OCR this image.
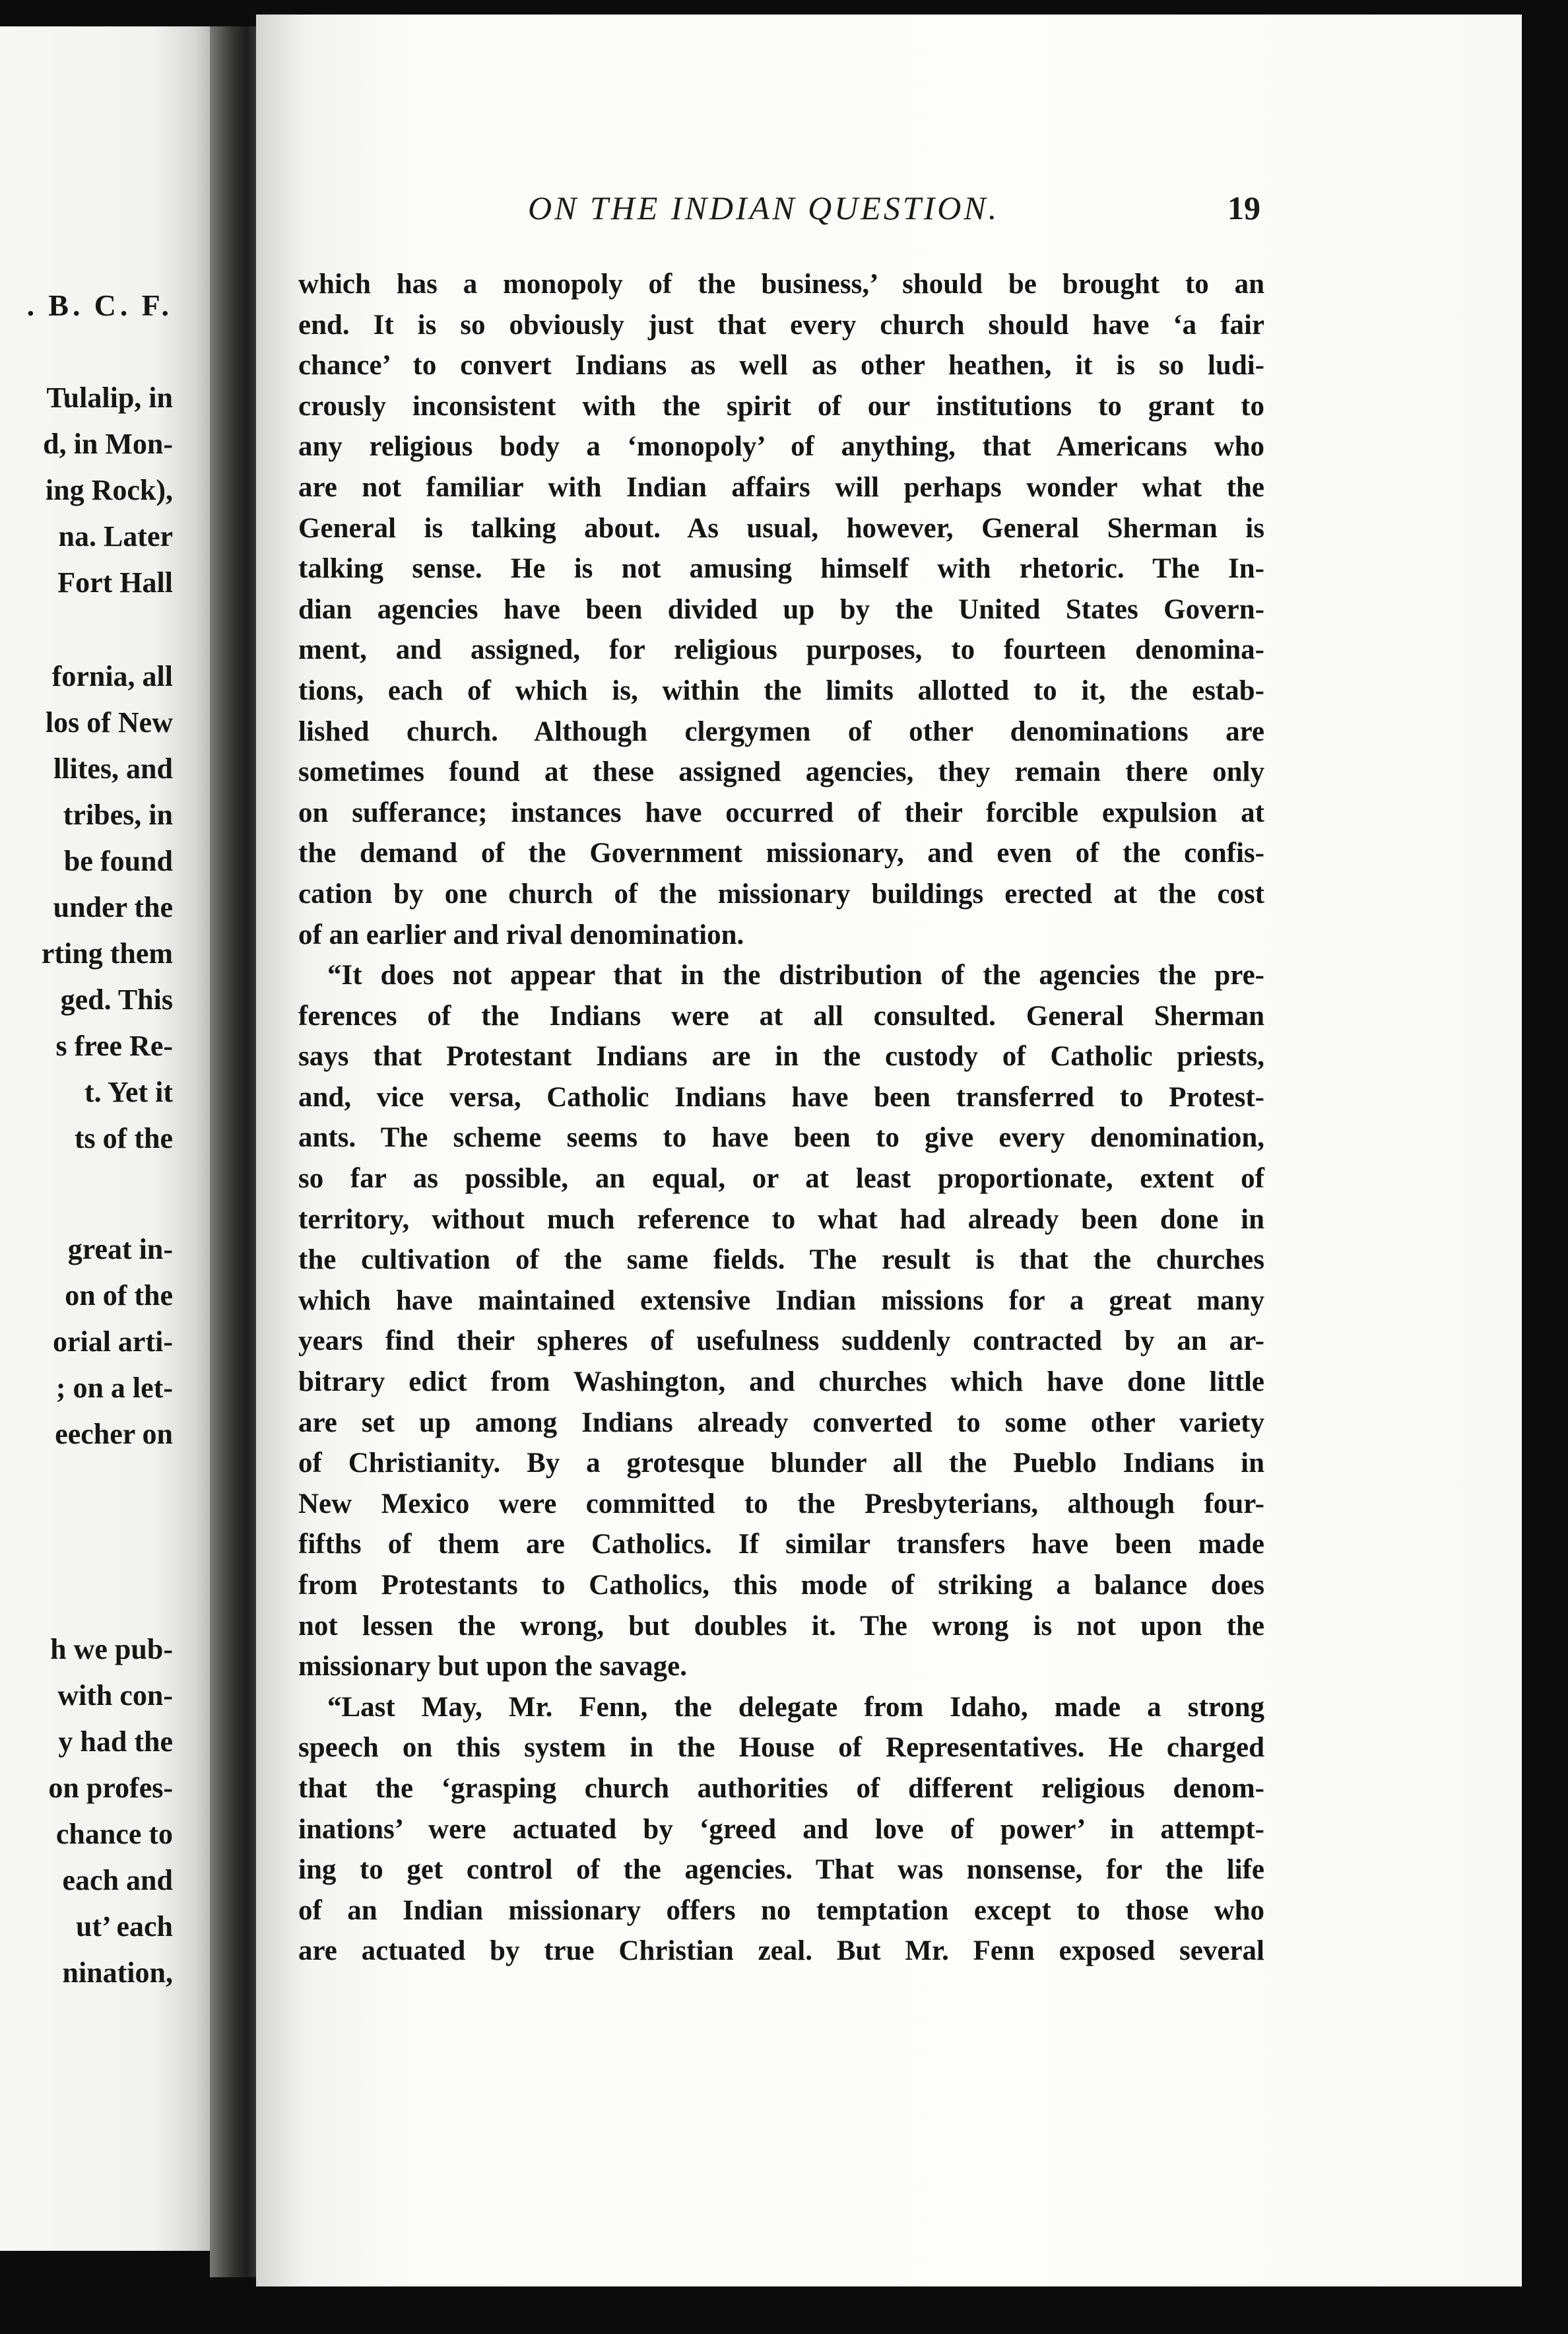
 . B. C. F.
Tulalip, in
d, in Mon-
ing Rock),
na. Later
 Fort Hall
fornia, all
los of New
llites, and
 tribes, in
 be found
 under the
rting them
ged. This
s free Re-
t. Yet it
ts of the
 great in-
on of the
orial arti-
; on a let-
eecher on
h we pub-
 with con-
y had the
on profes-
chance to
 each and
ut’ each
nination,
ON THE INDIAN QUESTION.	19
which has a monopoly of the business,’ should be brought to an
end. It is so obviously just that every church should have ‘a fair
chance’ to convert Indians as well as other heathen, it is so ludi-
crously inconsistent with the spirit of our institutions to grant to
any religious body a ‘monopoly’ of anything, that Americans who
are not familiar with Indian affairs will perhaps wonder what the
General is talking about. As usual, however, General Sherman is
talking sense. He is not amusing himself with rhetoric. The In-
dian agencies have been divided up by the United States Govern-
ment, and assigned, for religious purposes, to fourteen denomina-
tions, each of which is, within the limits allotted to it, the estab-
lished church. Although clergymen of other denominations are
sometimes found at these assigned agencies, they remain there only
on sufferance; instances have occurred of their forcible expulsion at
the demand of the Government missionary, and even of the confis-
cation by one church of the missionary buildings erected at the cost
of an earlier and rival denomination.
“It does not appear that in the distribution of the agencies the pre-
ferences of the Indians were at all consulted. General Sherman
says that Protestant Indians are in the custody of Catholic priests,
and, vice versa, Catholic Indians have been transferred to Protest-
ants. The scheme seems to have been to give every denomination,
so far as possible, an equal, or at least proportionate, extent of
territory, without much reference to what had already been done in
the cultivation of the same fields. The result is that the churches
which have maintained extensive Indian missions for a great many
years find their spheres of usefulness suddenly contracted by an ar-
bitrary edict from Washington, and churches which have done little
are set up among Indians already converted to some other variety
of Christianity. By a grotesque blunder all the Pueblo Indians in
New Mexico were committed to the Presbyterians, although four-
fifths of them are Catholics. If similar transfers have been made
from Protestants to Catholics, this mode of striking a balance does
not lessen the wrong, but doubles it. The wrong is not upon the
missionary but upon the savage.
“Last May, Mr. Fenn, the delegate from Idaho, made a strong
speech on this system in the House of Representatives. He charged
that the ‘grasping church authorities of different religious denom-
inations’ were actuated by ‘greed and love of power’ in attempt-
ing to get control of the agencies. That was nonsense, for the life
of an Indian missionary offers no temptation except to those who
are actuated by true Christian zeal. But Mr. Fenn exposed several
